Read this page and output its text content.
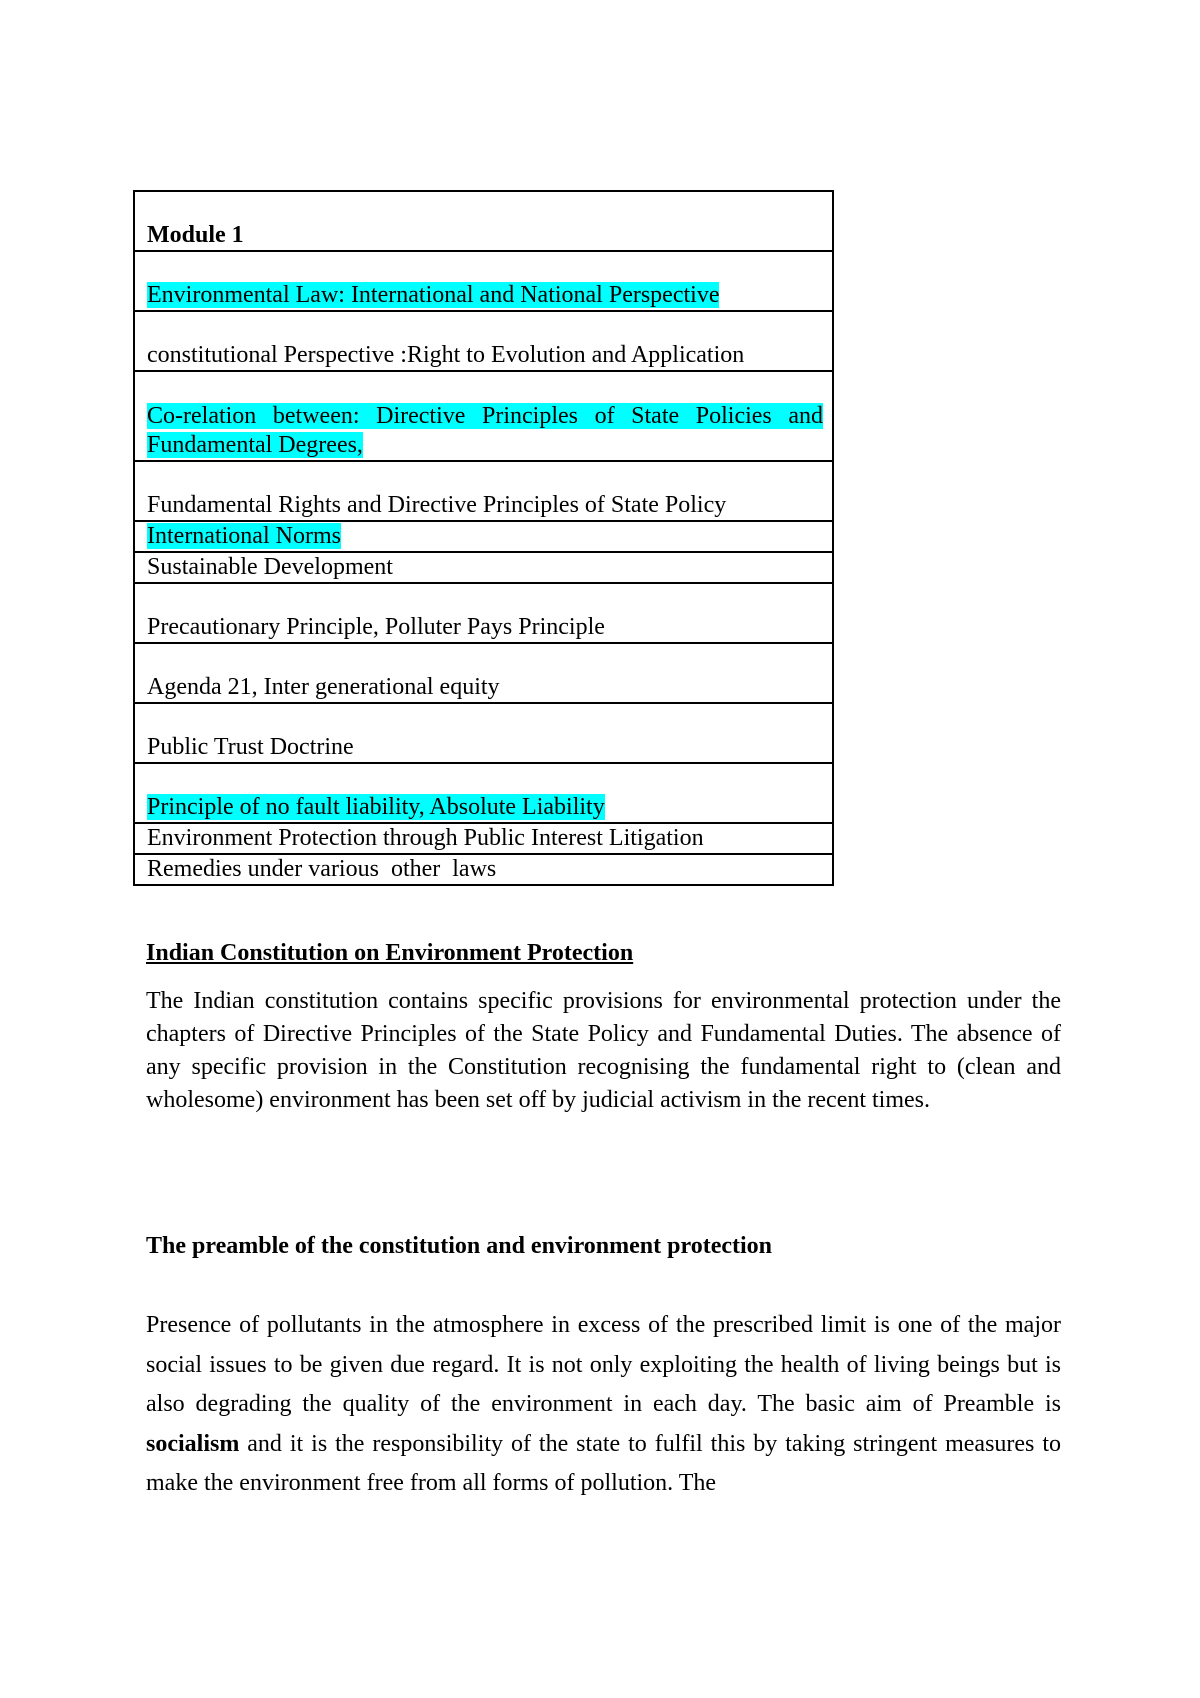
Module 1
Environmental Law: International and National Perspective
constitutional Perspective :Right to Evolution and Application
Co-relation between: Directive Principles of State Policies and Fundamental Degrees,
Fundamental Rights and Directive Principles of State Policy
International Norms
Sustainable Development
Precautionary Principle, Polluter Pays Principle
Agenda 21, Inter generational equity
Public Trust Doctrine
Principle of no fault liability, Absolute Liability
Environment Protection through Public Interest Litigation
Remedies under various  other  laws
Indian Constitution on Environment Protection

The Indian constitution contains specific provisions for environmental protection under the chapters of Directive Principles of the State Policy and Fundamental Duties. The absence of any specific provision in the Constitution recognising the fundamental right to (clean and wholesome) environment has been set off by judicial activism in the recent times.

The preamble of the constitution and environment protection

Presence of pollutants in the atmosphere in excess of the prescribed limit is one of the major social issues to be given due regard. It is not only exploiting the health of living beings but is also degrading the quality of the environment in each day. The basic aim of Preamble is socialism and it is the responsibility of the state to fulfil this by taking stringent measures to make the environment free from all forms of pollution. The
